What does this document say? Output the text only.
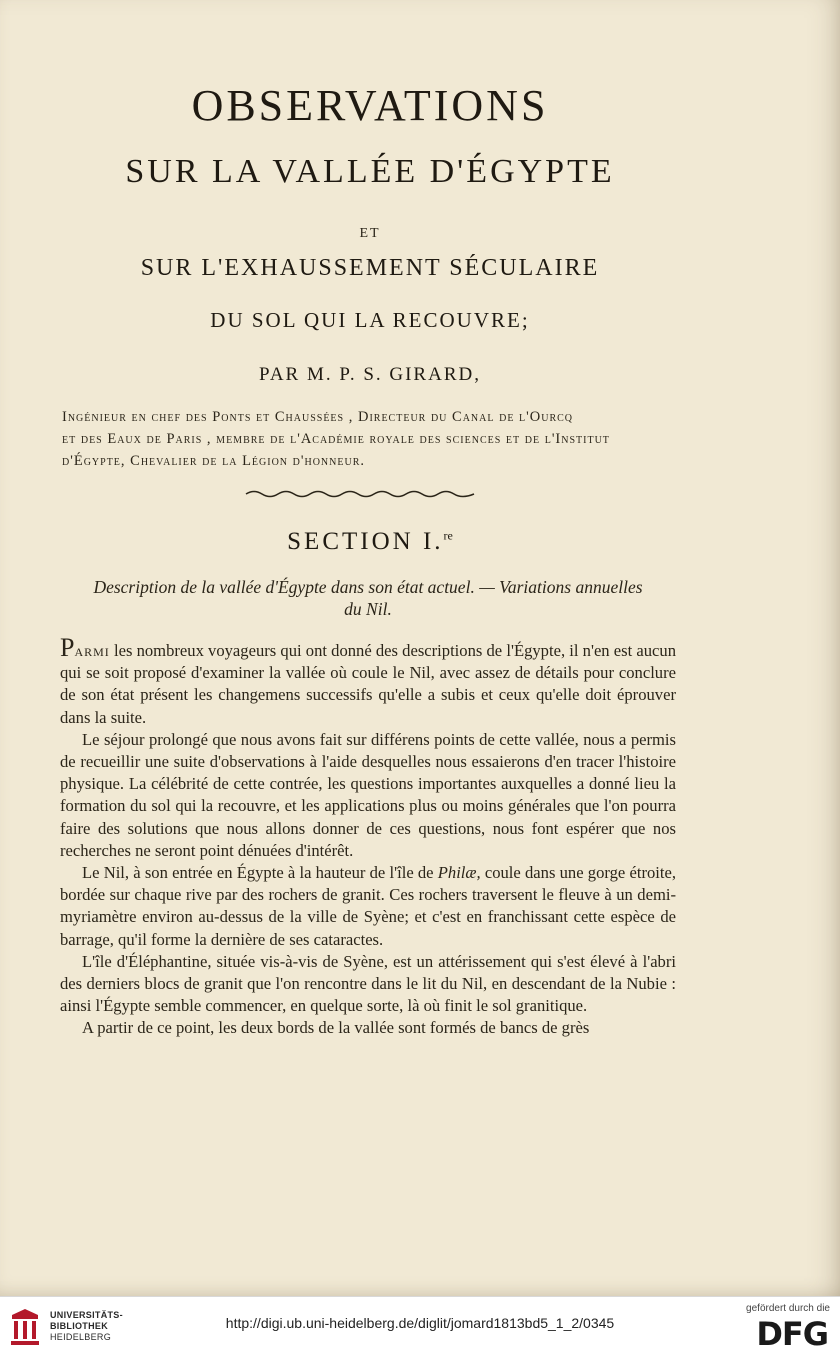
OBSERVATIONS
SUR LA VALLÉE D'ÉGYPTE
ET
SUR L'EXHAUSSEMENT SÉCULAIRE
DU SOL QUI LA RECOUVRE;
PAR M. P. S. GIRARD,
Ingénieur en chef des Ponts et Chaussées , Directeur du Canal de l'Ourcq
et des Eaux de Paris , membre de l'Académie royale des sciences et de l'Institut
d'Égypte, Chevalier de la Légion d'honneur.
SECTION I.$^{re}$
Description de la vallée d'Égypte dans son état actuel. — Variations annuelles
du Nil.

Parmi les nombreux voyageurs qui ont donné des descriptions de l'Égypte, il n'en est aucun qui se soit proposé d'examiner la vallée où coule le Nil, avec assez de détails pour conclure de son état présent les changemens successifs qu'elle a subis et ceux qu'elle doit éprouver dans la suite.

Le séjour prolongé que nous avons fait sur différens points de cette vallée, nous a permis de recueillir une suite d'observations à l'aide desquelles nous essaierons d'en tracer l'histoire physique. La célébrité de cette contrée, les questions importantes auxquelles a donné lieu la formation du sol qui la recouvre, et les applications plus ou moins générales que l'on pourra faire des solutions que nous allons donner de ces questions, nous font espérer que nos recherches ne seront point dénuées d'intérêt.

Le Nil, à son entrée en Égypte à la hauteur de l'île de Philæ, coule dans une gorge étroite, bordée sur chaque rive par des rochers de granit. Ces rochers traversent le fleuve à un demi-myriamètre environ au-dessus de la ville de Syène; et c'est en franchissant cette espèce de barrage, qu'il forme la dernière de ses cataractes.

L'île d'Éléphantine, située vis-à-vis de Syène, est un attérissement qui s'est élevé à l'abri des derniers blocs de granit que l'on rencontre dans le lit du Nil, en descendant de la Nubie : ainsi l'Égypte semble commencer, en quelque sorte, là où finit le sol granitique.

A partir de ce point, les deux bords de la vallée sont formés de bancs de grès

UNIVERSITÄTS-
BIBLIOTHEK
HEIDELBERG
http://digi.ub.uni-heidelberg.de/diglit/jomard1813bd5_1_2/0345
gefördert durch die
DFG
